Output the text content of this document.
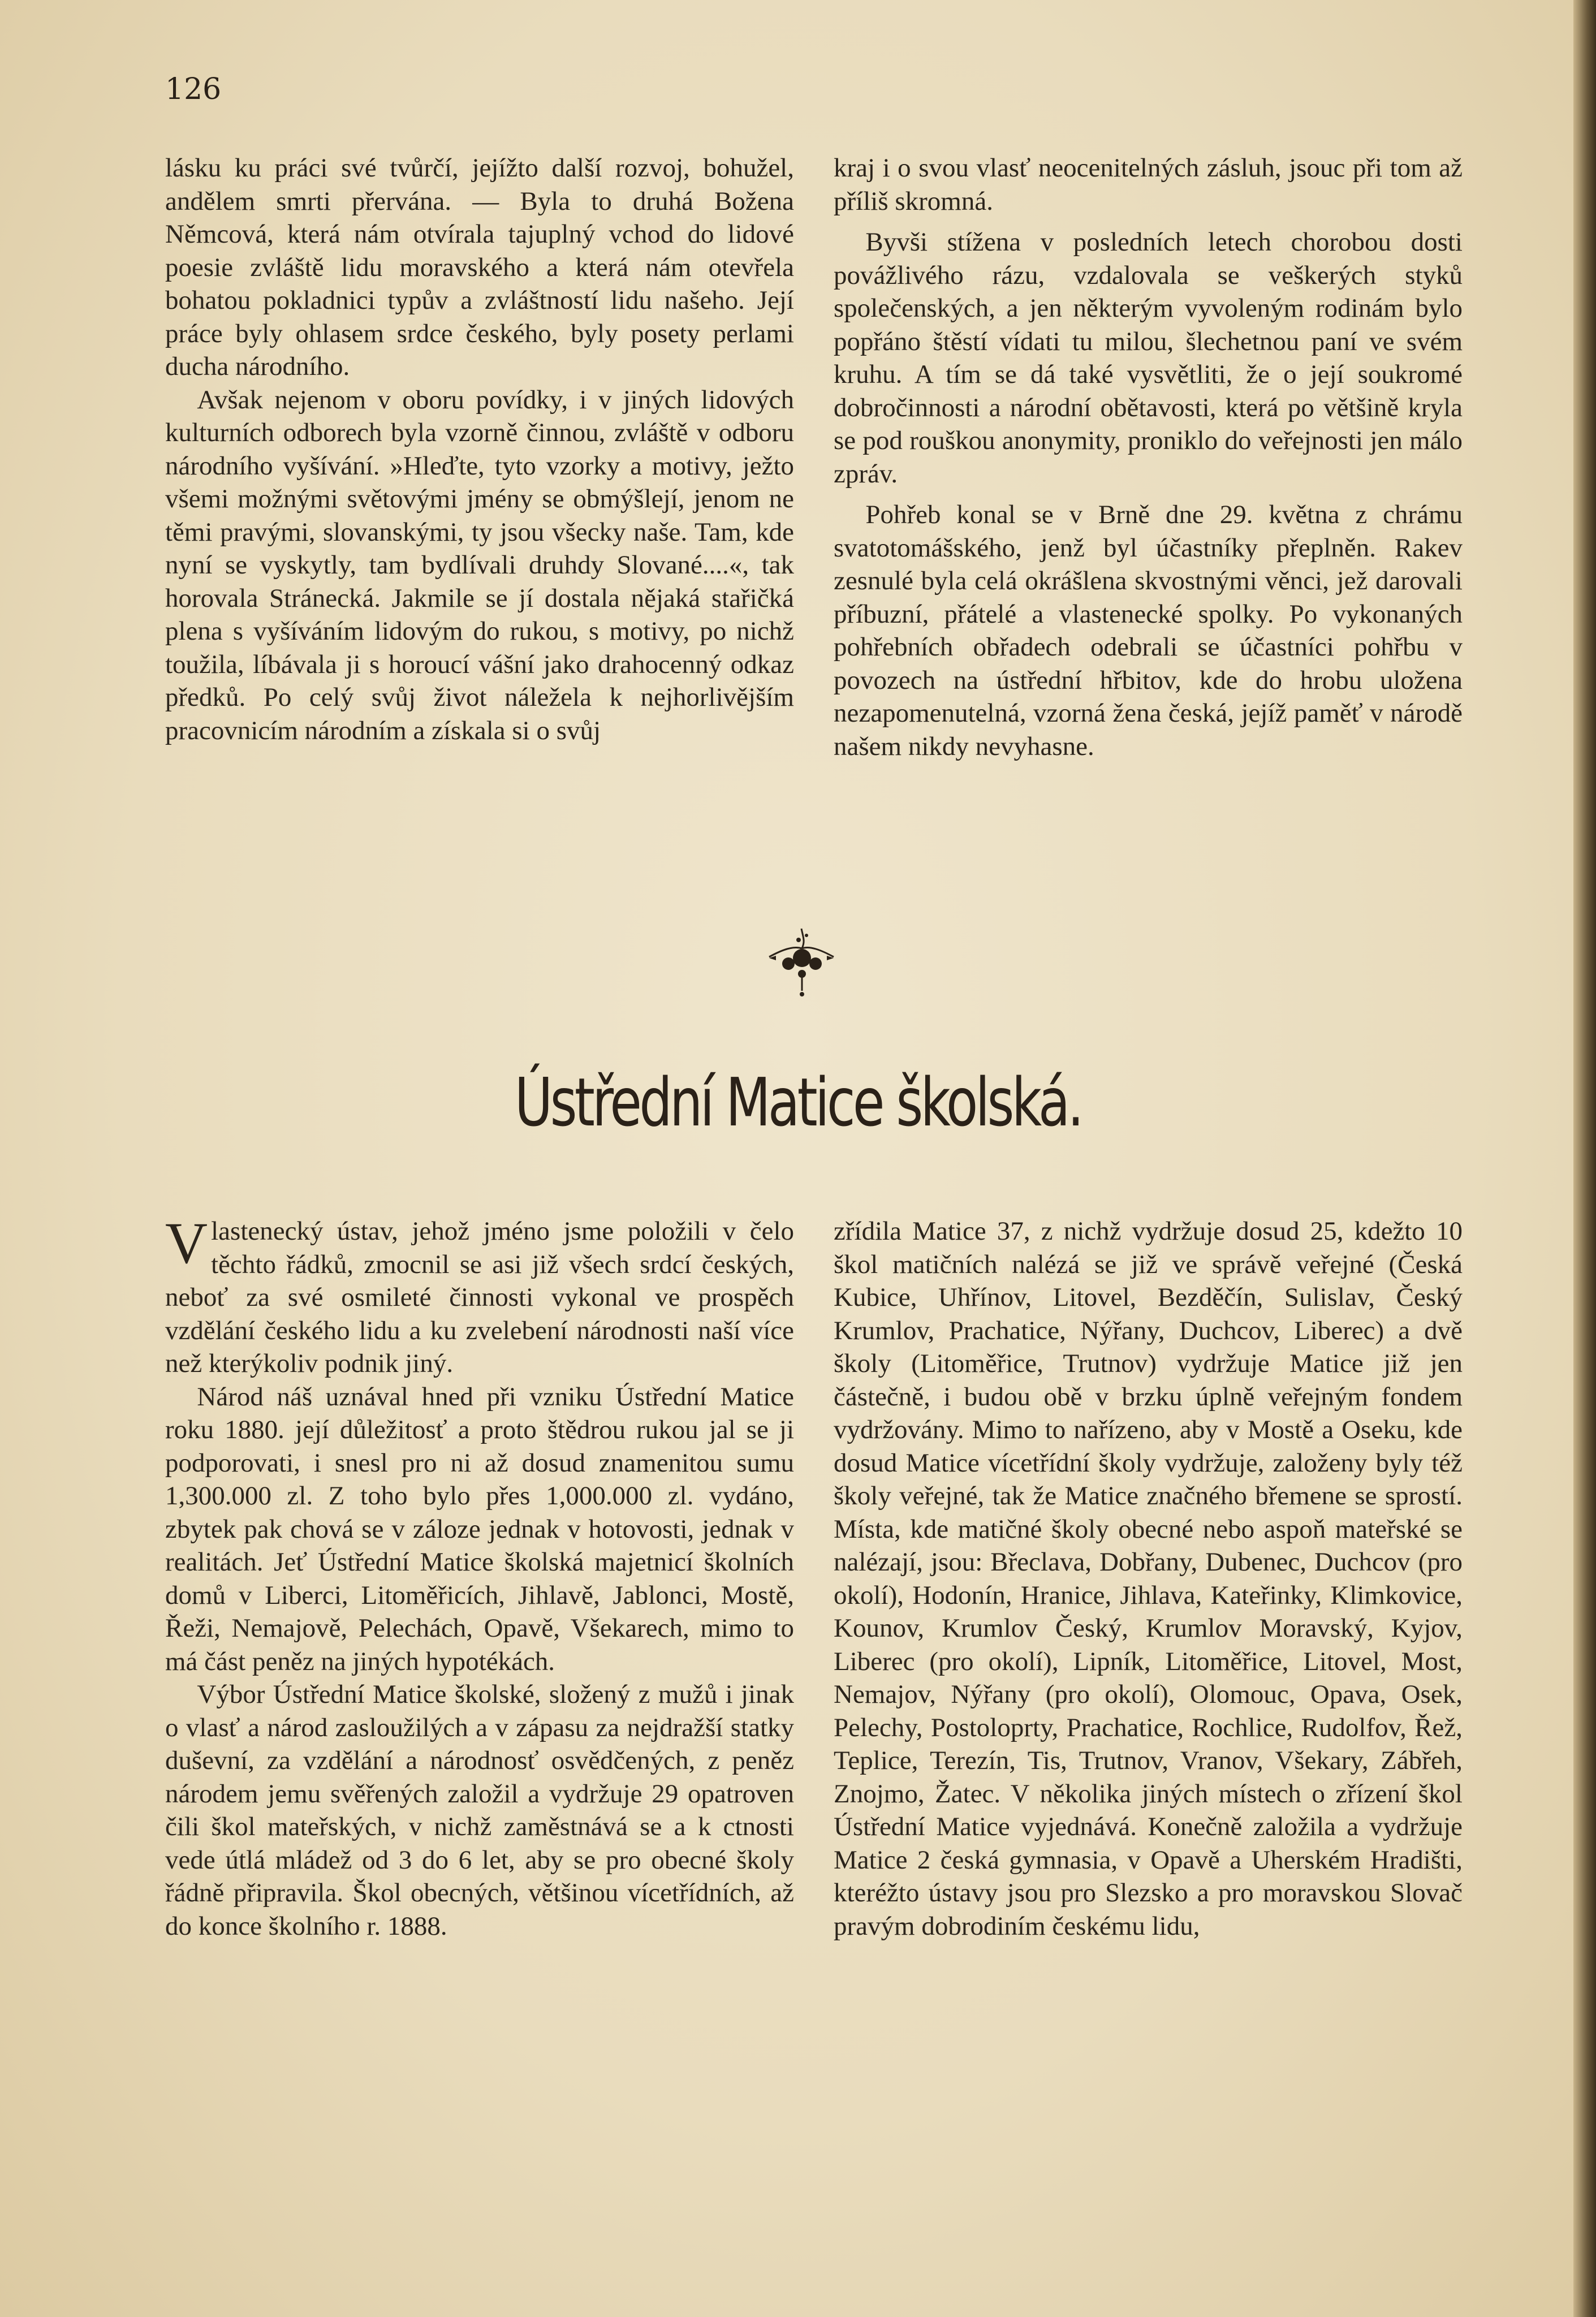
126

lásku ku práci své tvůrčí, jejížto další rozvoj, bohužel, andělem smrti přervána. — Byla to druhá Božena Němcová, která nám otvírala tajuplný vchod do lidové poesie zvláště lidu moravského a která nám otevřela bohatou pokladnici typův a zvláštností lidu našeho. Její práce byly ohlasem srdce českého, byly posety perlami ducha národního.

Avšak nejenom v oboru povídky, i v jiných lidových kulturních odborech byla vzorně činnou, zvláště v odboru národního vyšívání. »Hleďte, tyto vzorky a motivy, ježto všemi možnými světovými jmény se obmýšlejí, jenom ne těmi pravými, slovanskými, ty jsou všecky naše. Tam, kde nyní se vyskytly, tam bydlívali druhdy Slované....«, tak horovala Stránecká. Jakmile se jí dostala nějaká stařičká plena s vyšíváním lidovým do rukou, s motivy, po nichž toužila, líbávala ji s horoucí vášní jako drahocenný odkaz předků. Po celý svůj život náležela k nejhorlivějším pracovnicím národním a získala si o svůj

kraj i o svou vlasť neocenitelných zásluh, jsouc při tom až příliš skromná.

Byvši stížena v posledních letech chorobou dosti povážlivého rázu, vzdalovala se veškerých styků společenských, a jen některým vyvoleným rodinám bylo popřáno štěstí vídati tu milou, šlechetnou paní ve svém kruhu. A tím se dá také vysvětliti, že o její soukromé dobročinnosti a národní obětavosti, která po většině kryla se pod rouškou anonymity, proniklo do veřejnosti jen málo zpráv.

Pohřeb konal se v Brně dne 29. května z chrámu svatotomášského, jenž byl účastníky přeplněn. Rakev zesnulé byla celá okrášlena skvostnými věnci, jež darovali příbuzní, přátelé a vlastenecké spolky. Po vykonaných pohřebních obřadech odebrali se účastníci pohřbu v povozech na ústřední hřbitov, kde do hrobu uložena nezapomenutelná, vzorná žena česká, jejíž paměť v národě našem nikdy nevyhasne.

Ústřední Matice školská.

Vlastenecký ústav, jehož jméno jsme položili v čelo těchto řádků, zmocnil se asi již všech srdcí českých, neboť za své osmileté činnosti vykonal ve prospěch vzdělání českého lidu a ku zvelebení národnosti naší více než kterýkoliv podnik jiný.

Národ náš uznával hned při vzniku Ústřední Matice roku 1880. její důležitosť a proto štědrou rukou jal se ji podporovati, i snesl pro ni až dosud znamenitou sumu 1,300.000 zl. Z toho bylo přes 1,000.000 zl. vydáno, zbytek pak chová se v záloze jednak v hotovosti, jednak v realitách. Jeť Ústřední Matice školská majetnicí školních domů v Liberci, Litoměřicích, Jihlavě, Jablonci, Mostě, Řeži, Nemajově, Pelechách, Opavě, Všekarech, mimo to má část peněz na jiných hypotékách.

Výbor Ústřední Matice školské, složený z mužů i jinak o vlasť a národ zasloužilých a v zápasu za nejdražší statky duševní, za vzdělání a národnosť osvědčených, z peněz národem jemu svěřených založil a vydržuje 29 opatroven čili škol mateřských, v nichž zaměstnává se a k ctnosti vede útlá mládež od 3 do 6 let, aby se pro obecné školy řádně připravila. Škol obecných, většinou vícetřídních, až do konce školního r. 1888.

zřídila Matice 37, z nichž vydržuje dosud 25, kdežto 10 škol matičních nalézá se již ve správě veřejné (Česká Kubice, Uhřínov, Litovel, Bezděčín, Sulislav, Český Krumlov, Prachatice, Nýřany, Duchcov, Liberec) a dvě školy (Litoměřice, Trutnov) vydržuje Matice již jen částečně, i budou obě v brzku úplně veřejným fondem vydržovány. Mimo to nařízeno, aby v Mostě a Oseku, kde dosud Matice vícetřídní školy vydržuje, založeny byly též školy veřejné, tak že Matice značného břemene se sprostí. Místa, kde matičné školy obecné nebo aspoň mateřské se nalézají, jsou: Břeclava, Dobřany, Dubenec, Duchcov (pro okolí), Hodonín, Hranice, Jihlava, Kateřinky, Klimkovice, Kounov, Krumlov Český, Krumlov Moravský, Kyjov, Liberec (pro okolí), Lipník, Litoměřice, Litovel, Most, Nemajov, Nýřany (pro okolí), Olomouc, Opava, Osek, Pelechy, Postoloprty, Prachatice, Rochlice, Rudolfov, Řež, Teplice, Terezín, Tis, Trutnov, Vranov, Všekary, Zábřeh, Znojmo, Žatec. V několika jiných místech o zřízení škol Ústřední Matice vyjednává. Konečně založila a vydržuje Matice 2 česká gymnasia, v Opavě a Uherském Hradišti, kteréžto ústavy jsou pro Slezsko a pro moravskou Slovač pravým dobrodiním českému lidu,
